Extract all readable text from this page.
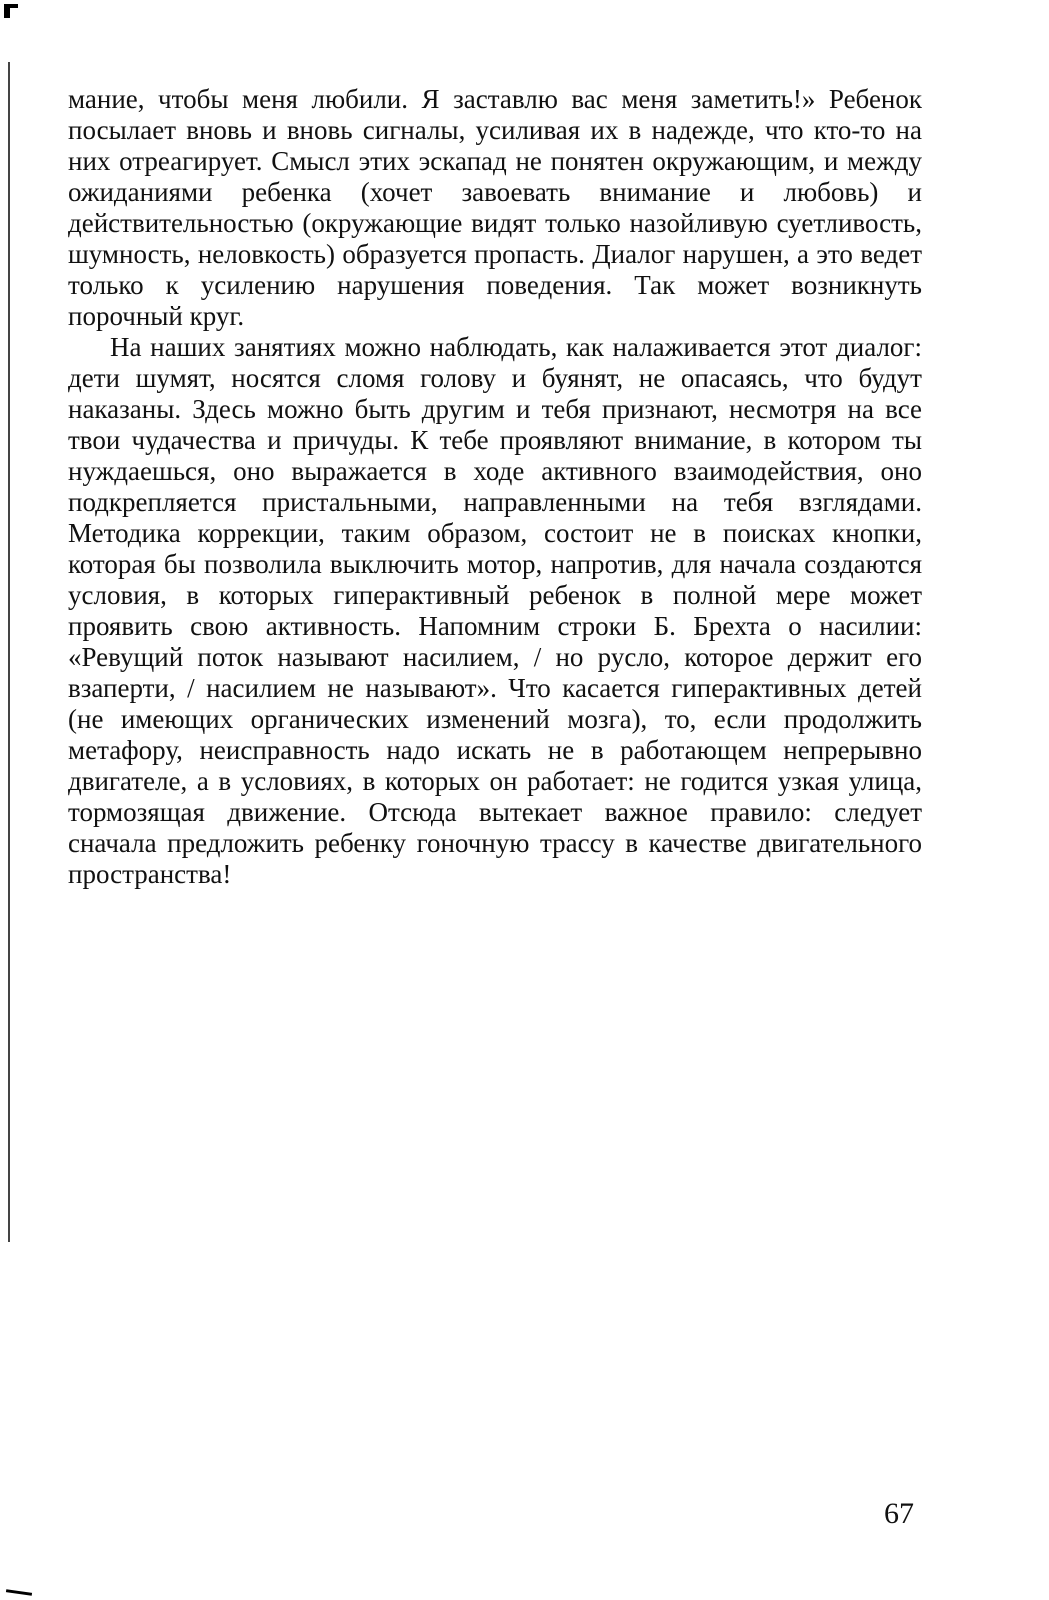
мание, чтобы меня любили. Я заставлю вас меня заметить!» Ребенок посылает вновь и вновь сигналы, усиливая их в надежде, что кто-то на них отреагирует. Смысл этих эскапад не понятен окружающим, и между ожиданиями ребенка (хочет завоевать внимание и любовь) и действительностью (окружающие видят только назойливую суетливость, шумность, неловкость) образуется пропасть. Диалог нарушен, а это ведет только к усилению нарушения поведения. Так может возникнуть порочный круг.

На наших занятиях можно наблюдать, как налаживается этот диалог: дети шумят, носятся сломя голову и буянят, не опасаясь, что будут наказаны. Здесь можно быть другим и тебя признают, несмотря на все твои чудачества и причуды. К тебе проявляют внимание, в котором ты нуждаешься, оно выражается в ходе активного взаимодействия, оно подкрепляется пристальными, направленными на тебя взглядами. Методика коррекции, таким образом, состоит не в поисках кнопки, которая бы позволила выключить мотор, напротив, для начала создаются условия, в которых гиперактивный ребенок в полной мере может проявить свою активность. Напомним строки Б. Брехта о насилии: «Ревущий поток называют насилием, / но русло, которое держит его взаперти, / насилием не называют». Что касается гиперактивных детей (не имеющих органических изменений мозга), то, если продолжить метафору, неисправность надо искать не в работающем непрерывно двигателе, а в условиях, в которых он работает: не годится узкая улица, тормозящая движение. Отсюда вытекает важное правило: следует сначала предложить ребенку гоночную трассу в качестве двигательного пространства!

67
